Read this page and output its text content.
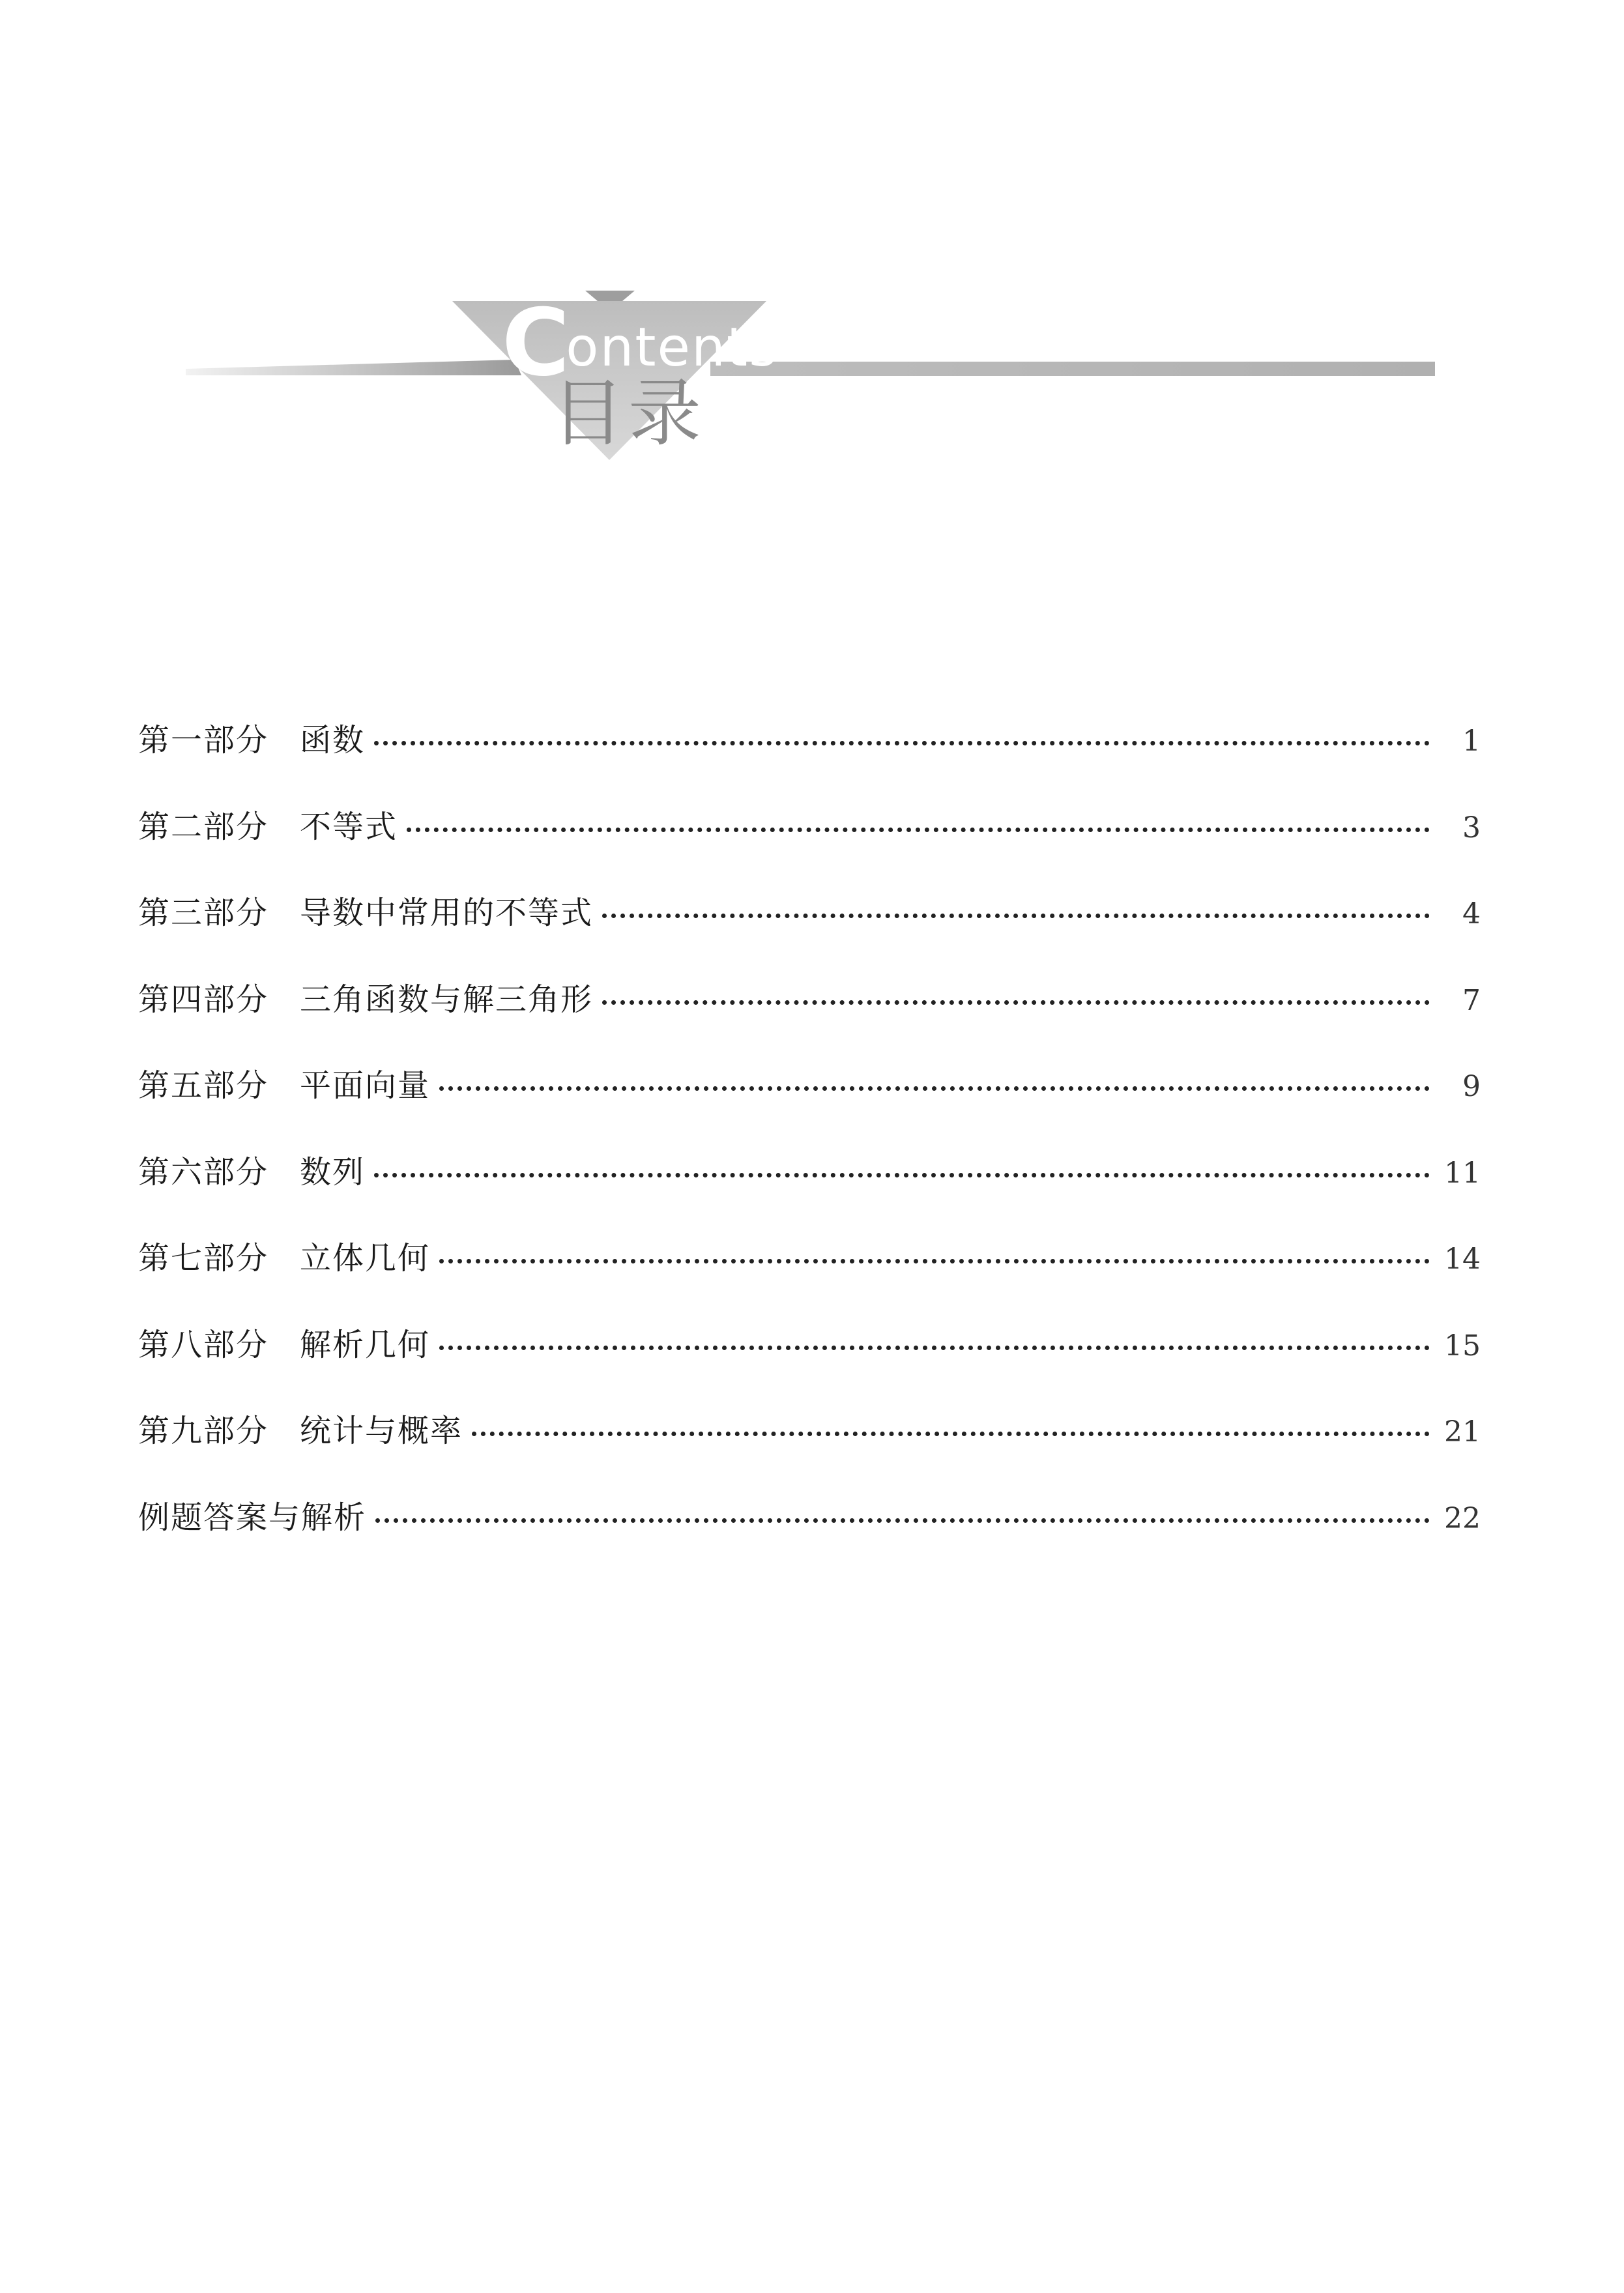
Contents
目录
第一部分 函数	1
第二部分 不等式	3
第三部分 导数中常用的不等式	4
第四部分 三角函数与解三角形	7
第五部分 平面向量	9
第六部分 数列	11
第七部分 立体几何	14
第八部分 解析几何	15
第九部分 统计与概率	21
例题答案与解析	22
